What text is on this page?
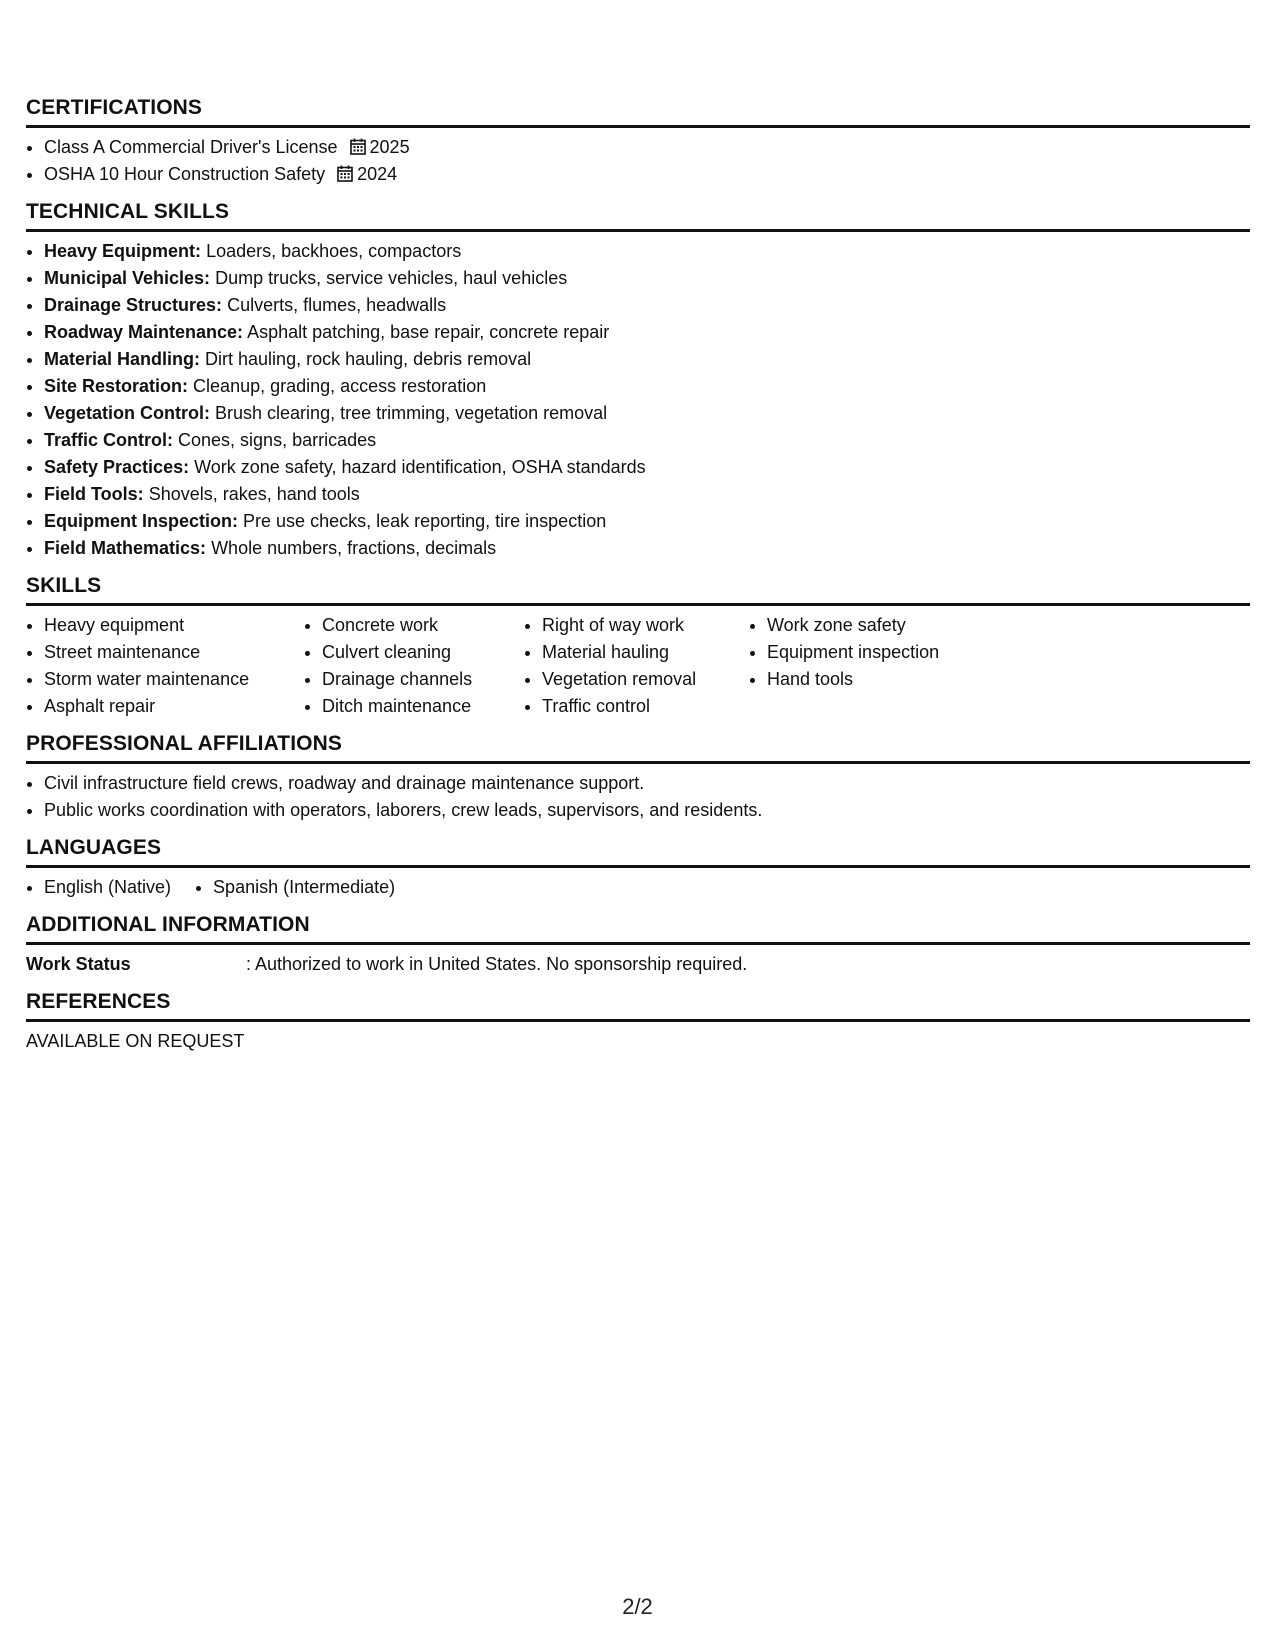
CERTIFICATIONS
• Class A Commercial Driver's License 2025
• OSHA 10 Hour Construction Safety 2024
TECHNICAL SKILLS
• Heavy Equipment: Loaders, backhoes, compactors
• Municipal Vehicles: Dump trucks, service vehicles, haul vehicles
• Drainage Structures: Culverts, flumes, headwalls
• Roadway Maintenance: Asphalt patching, base repair, concrete repair
• Material Handling: Dirt hauling, rock hauling, debris removal
• Site Restoration: Cleanup, grading, access restoration
• Vegetation Control: Brush clearing, tree trimming, vegetation removal
• Traffic Control: Cones, signs, barricades
• Safety Practices: Work zone safety, hazard identification, OSHA standards
• Field Tools: Shovels, rakes, hand tools
• Equipment Inspection: Pre use checks, leak reporting, tire inspection
• Field Mathematics: Whole numbers, fractions, decimals
SKILLS
• Heavy equipment
• Street maintenance
• Storm water maintenance
• Asphalt repair
• Concrete work
• Culvert cleaning
• Drainage channels
• Ditch maintenance
• Right of way work
• Material hauling
• Vegetation removal
• Traffic control
• Work zone safety
• Equipment inspection
• Hand tools
PROFESSIONAL AFFILIATIONS
• Civil infrastructure field crews, roadway and drainage maintenance support.
• Public works coordination with operators, laborers, crew leads, supervisors, and residents.
LANGUAGES
• English (Native)
• Spanish (Intermediate)
ADDITIONAL INFORMATION
Work Status	: Authorized to work in United States. No sponsorship required.
REFERENCES
AVAILABLE ON REQUEST
2/2
